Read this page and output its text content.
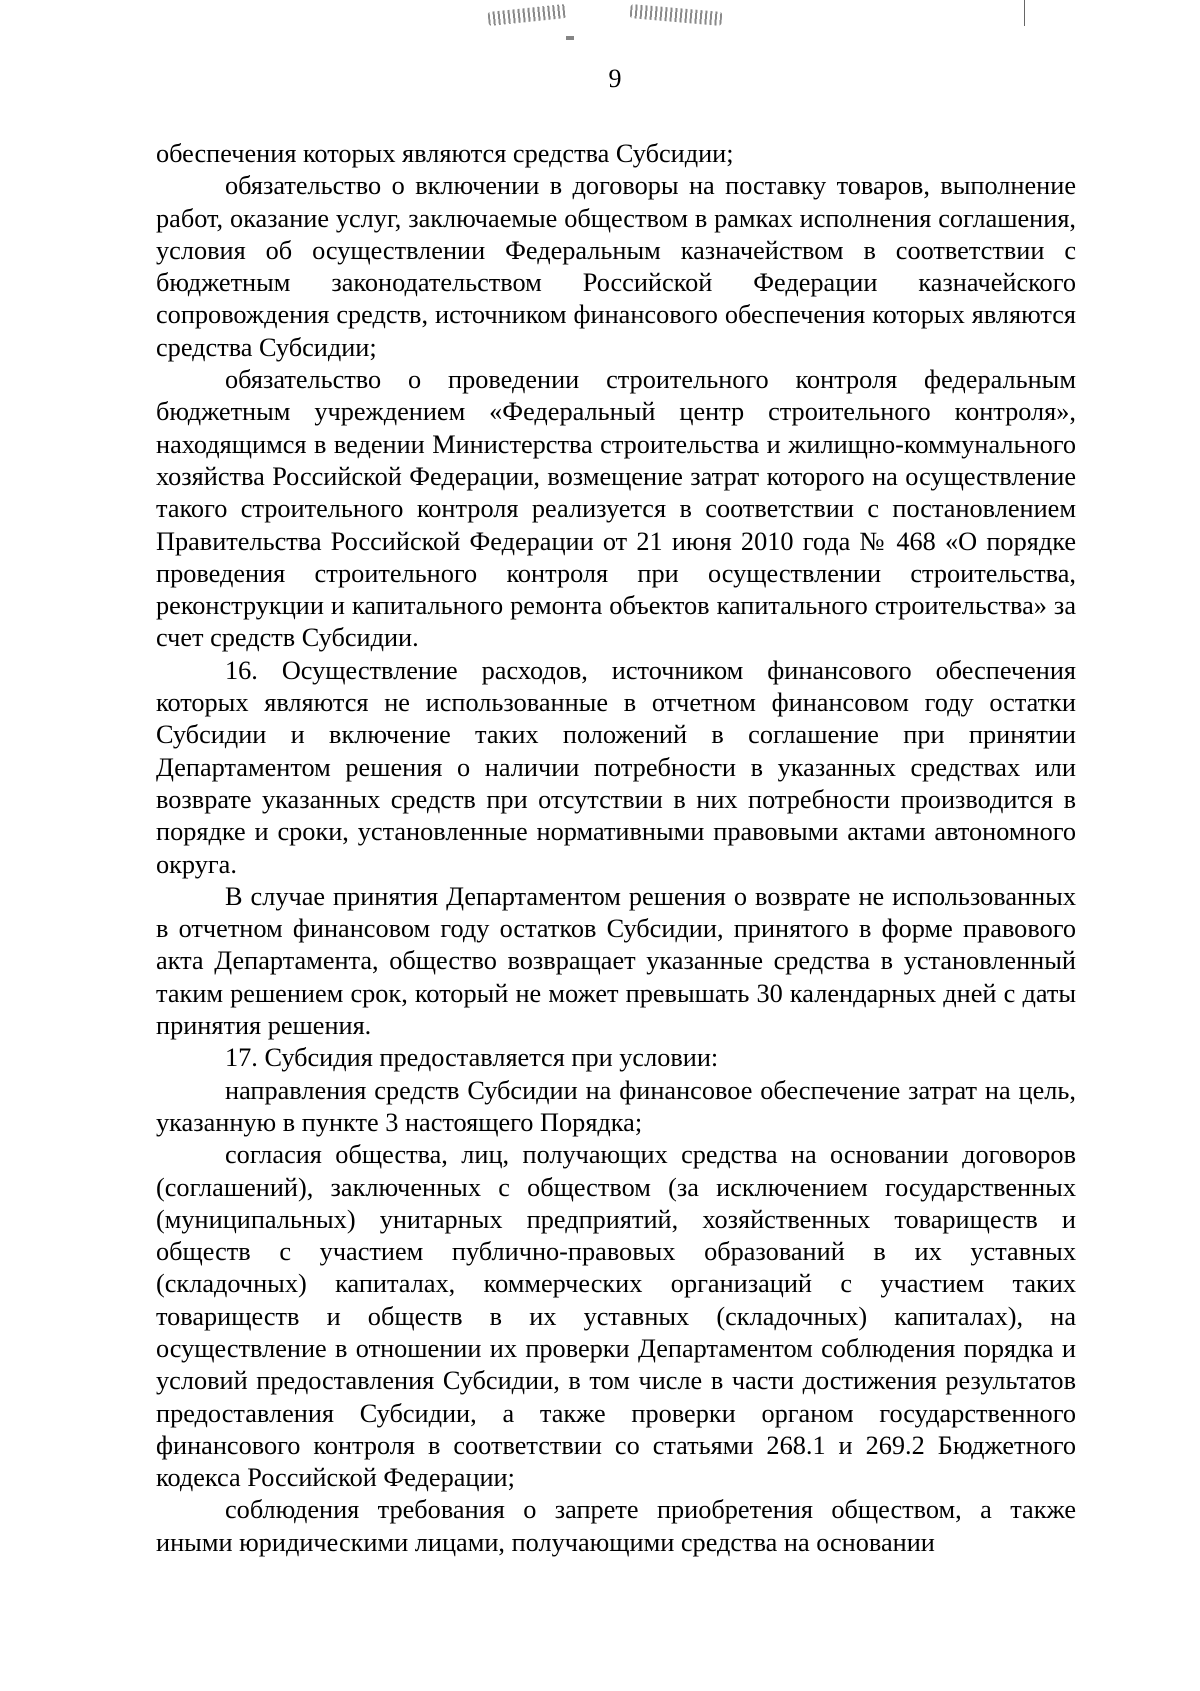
9

обеспечения которых являются средства Субсидии;

обязательство о включении в договоры на поставку товаров, выполнение работ, оказание услуг, заключаемые обществом в рамках исполнения соглашения, условия об осуществлении Федеральным казначейством в соответствии с бюджетным законодательством Российской Федерации казначейского сопровождения средств, источником финансового обеспечения которых являются средства Субсидии;

обязательство о проведении строительного контроля федеральным бюджетным учреждением «Федеральный центр строительного контроля», находящимся в ведении Министерства строительства и жилищно-коммунального хозяйства Российской Федерации, возмещение затрат которого на осуществление такого строительного контроля реализуется в соответствии с постановлением Правительства Российской Федерации от 21 июня 2010 года № 468 «О порядке проведения строительного контроля при осуществлении строительства, реконструкции и капитального ремонта объектов капитального строительства» за счет средств Субсидии.

16. Осуществление расходов, источником финансового обеспечения которых являются не использованные в отчетном финансовом году остатки Субсидии и включение таких положений в соглашение при принятии Департаментом решения о наличии потребности в указанных средствах или возврате указанных средств при отсутствии в них потребности производится в порядке и сроки, установленные нормативными правовыми актами автономного округа.

В случае принятия Департаментом решения о возврате не использованных в отчетном финансовом году остатков Субсидии, принятого в форме правового акта Департамента, общество возвращает указанные средства в установленный таким решением срок, который не может превышать 30 календарных дней с даты принятия решения.

17. Субсидия предоставляется при условии:

направления средств Субсидии на финансовое обеспечение затрат на цель, указанную в пункте 3 настоящего Порядка;

согласия общества, лиц, получающих средства на основании договоров (соглашений), заключенных с обществом (за исключением государственных (муниципальных) унитарных предприятий, хозяйственных товариществ и обществ с участием публично-правовых образований в их уставных (складочных) капиталах, коммерческих организаций с участием таких товариществ и обществ в их уставных (складочных) капиталах), на осуществление в отношении их проверки Департаментом соблюдения порядка и условий предоставления Субсидии, в том числе в части достижения результатов предоставления Субсидии, а также проверки органом государственного финансового контроля в соответствии со статьями 268.1 и 269.2 Бюджетного кодекса Российской Федерации;

соблюдения требования о запрете приобретения обществом, а также иными юридическими лицами, получающими средства на основании
